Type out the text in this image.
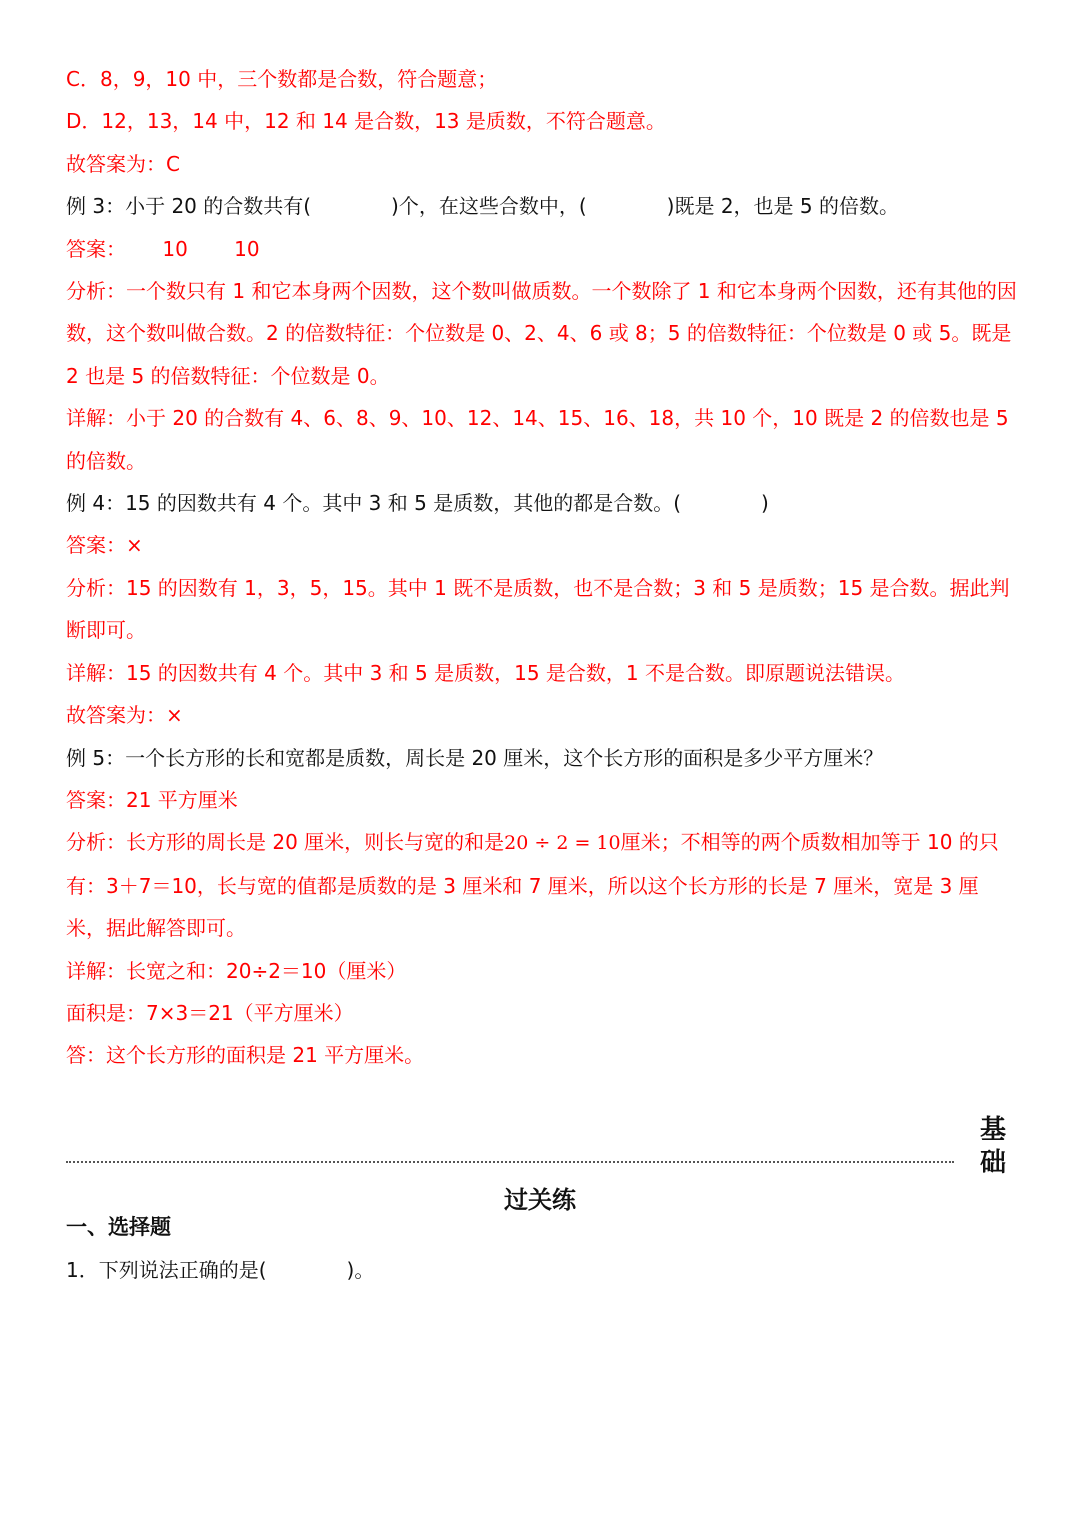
C．8，9，10 中，三个数都是合数，符合题意；
D．12，13，14 中，12 和 14 是合数，13 是质数，不符合题意。
故答案为：C
例 3：小于 20 的合数共有(　　　　)个，在这些合数中，(　　　　)既是 2，也是 5 的倍数。
答案：　　 10　　 10
分析：一个数只有 1 和它本身两个因数，这个数叫做质数。一个数除了 1 和它本身两个因数，还有其他的因数，这个数叫做合数。2 的倍数特征：个位数是 0、2、4、6 或 8；5 的倍数特征：个位数是 0 或 5。既是 2 也是 5 的倍数特征：个位数是 0。
详解：小于 20 的合数有 4、6、8、9、10、12、14、15、16、18，共 10 个，10 既是 2 的倍数也是 5 的倍数。
例 4：15 的因数共有 4 个。其中 3 和 5 是质数，其他的都是合数。(　　　　)
答案：×
分析：15 的因数有 1，3，5，15。其中 1 既不是质数，也不是合数；3 和 5 是质数；15 是合数。据此判断即可。
详解：15 的因数共有 4 个。其中 3 和 5 是质数，15 是合数，1 不是合数。即原题说法错误。
故答案为：×
例 5：一个长方形的长和宽都是质数，周长是 20 厘米，这个长方形的面积是多少平方厘米？
答案：21 平方厘米
分析：长方形的周长是 20 厘米，则长与宽的和是20 ÷ 2 = 10厘米；不相等的两个质数相加等于 10 的只有：3＋7＝10，长与宽的值都是质数的是 3 厘米和 7 厘米，所以这个长方形的长是 7 厘米，宽是 3 厘米，据此解答即可。
详解：长宽之和：20÷2＝10（厘米）
面积是：7×3＝21（平方厘米）
答：这个长方形的面积是 21 平方厘米。
基础
过关练
一、选择题
1．下列说法正确的是(　　　　)。
